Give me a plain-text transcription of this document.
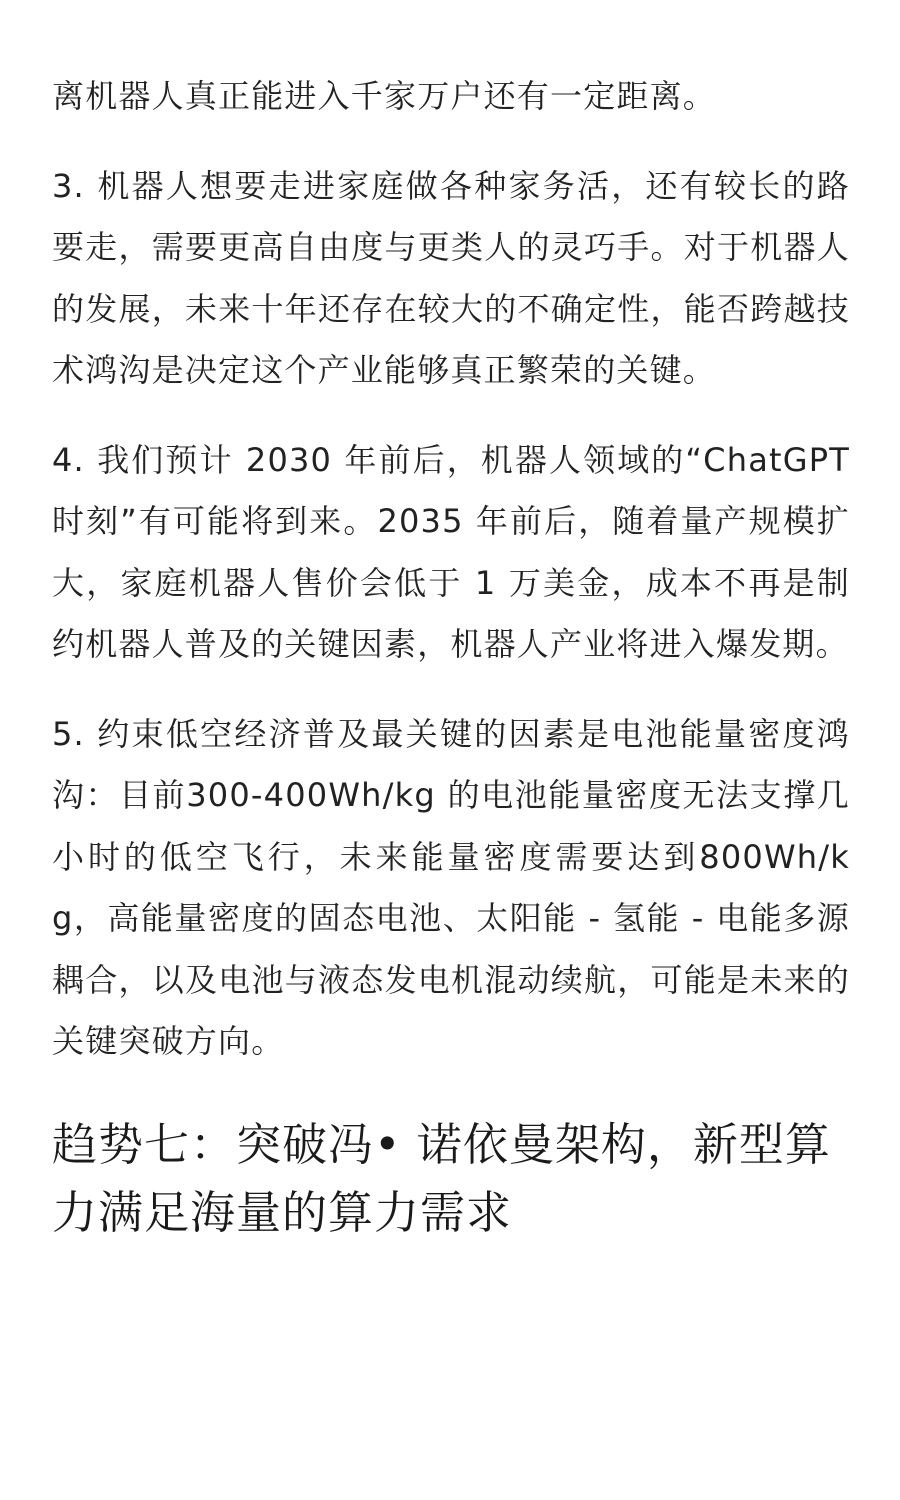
离机器人真正能进入千家万户还有一定距离。

3. 机器人想要走进家庭做各种家务活，还有较长的路要走，需要更高自由度与更类人的灵巧手。对于机器人的发展，未来十年还存在较大的不确定性，能否跨越技术鸿沟是决定这个产业能够真正繁荣的关键。

4. 我们预计 2030 年前后，机器人领域的“ChatGPT时刻”有可能将到来。2035 年前后，随着量产规模扩大，家庭机器人售价会低于 1 万美金，成本不再是制约机器人普及的关键因素，机器人产业将进入爆发期。

5. 约束低空经济普及最关键的因素是电池能量密度鸿沟：目前300-400Wh/kg 的电池能量密度无法支撑几小时的低空飞行，未来能量密度需要达到800Wh/kg，高能量密度的固态电池、太阳能 - 氢能 - 电能多源耦合，以及电池与液态发电机混动续航，可能是未来的关键突破方向。

趋势七：突破冯• 诺依曼架构，新型算力满足海量的算力需求
